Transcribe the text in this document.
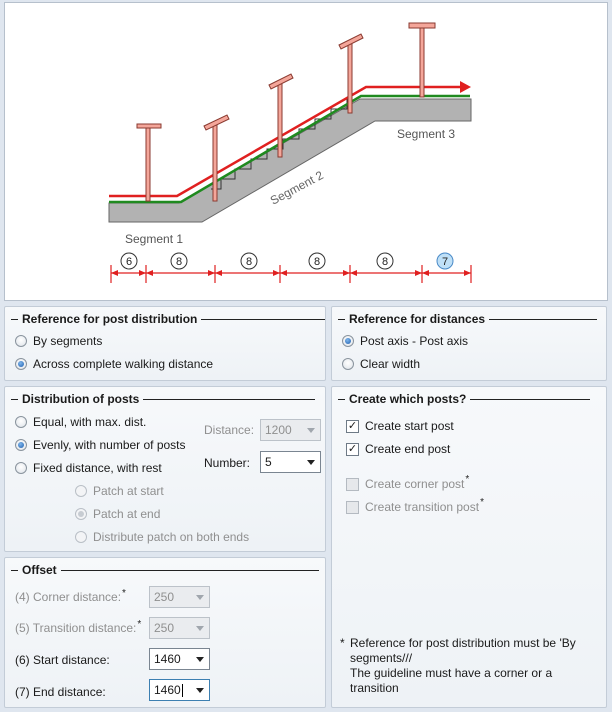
Segment 1
Segment 2
Segment 3
6	8	8	8	8	7
Reference for post distribution
By segments
Across complete walking distance
Reference for distances
Post axis - Post axis
Clear width
Distribution of posts
Equal, with max. dist.
Evenly, with number of posts
Fixed distance, with rest
Patch at start
Patch at end
Distribute patch on both ends
Distance: 1200
Number: 5
Create which posts?
✓ Create start post
✓ Create end post
Create corner post *
Create transition post *
* Reference for post distribution must be 'By segments///
The guideline must have a corner or a transition
Offset
(4) Corner distance:* 250
(5) Transition distance:* 250
(6) Start distance:	1460
(7) End distance:	1460
